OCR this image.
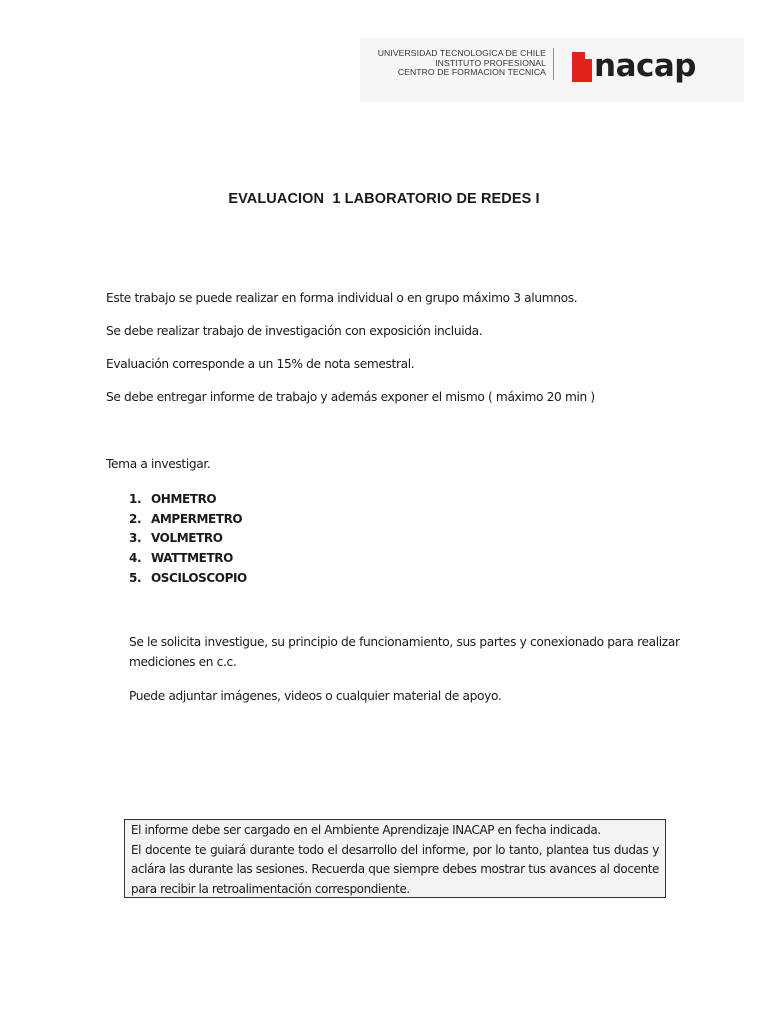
UNIVERSIDAD TECNOLOGICA DE CHILE
INSTITUTO PROFESIONAL
CENTRO DE FORMACION TECNICA nacap
EVALUACION  1 LABORATORIO DE REDES I
Este trabajo se puede realizar en forma individual o en grupo máximo 3 alumnos.
Se debe realizar trabajo de investigación con exposición incluida.
Evaluación corresponde a un 15% de nota semestral.
Se debe entregar informe de trabajo y además exponer el mismo ( máximo 20 min )
Tema a investigar.
1. OHMETRO
2. AMPERMETRO
3. VOLMETRO
4. WATTMETRO
5. OSCILOSCOPIO
Se le solicita investigue, su principio de funcionamiento, sus partes y conexionado para realizar
mediciones en c.c.
Puede adjuntar imágenes, videos o cualquier material de apoyo.
El informe debe ser cargado en el Ambiente Aprendizaje INACAP en fecha indicada.
El docente te guiará durante todo el desarrollo del informe, por lo tanto, plantea tus dudas y
aclára las durante las sesiones. Recuerda que siempre debes mostrar tus avances al docente
para recibir la retroalimentación correspondiente.
